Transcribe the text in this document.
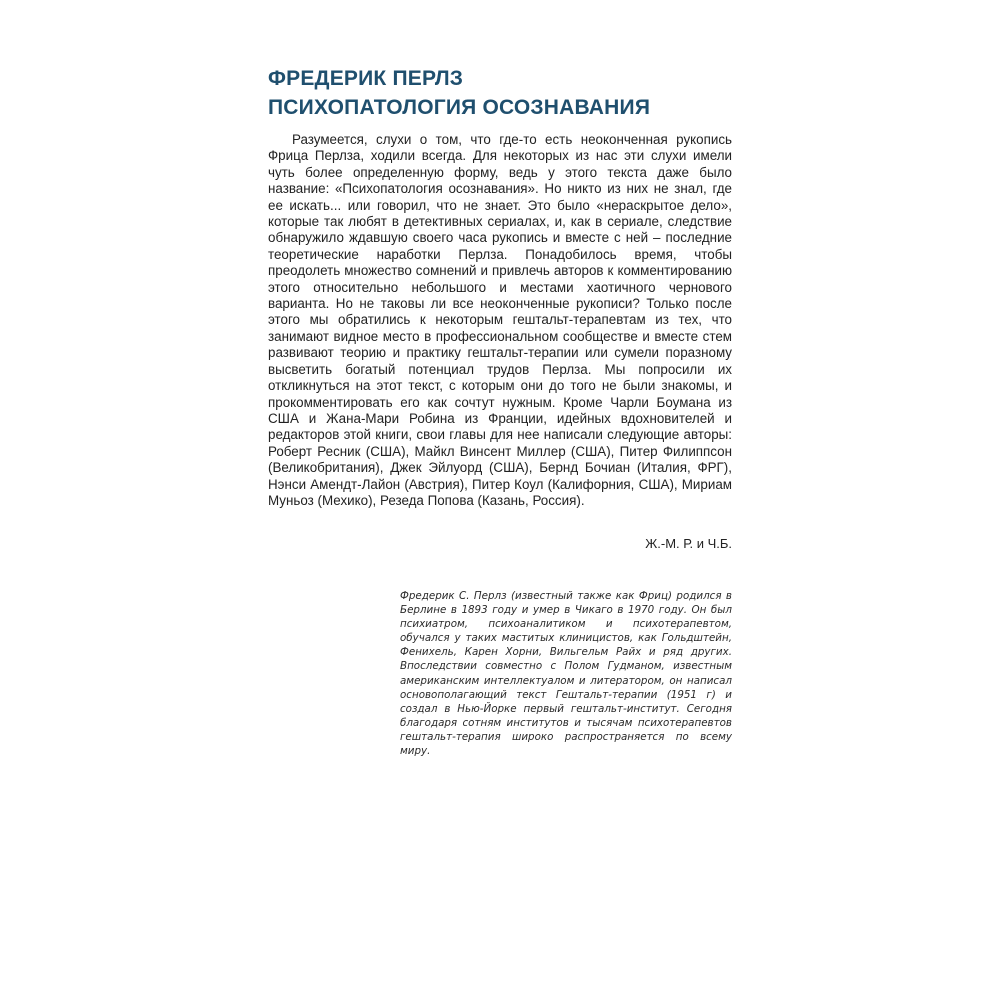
ФРЕДЕРИК ПЕРЛЗ
ПСИХОПАТОЛОГИЯ ОСОЗНАВАНИЯ

Разумеется, слухи о том, что где-то есть неоконченная рукопись Фрица Перлза, ходили всегда. Для некоторых из нас эти слухи имели чуть более определенную форму, ведь у этого текста даже было название: «Психопатология осознавания». Но никто из них не знал, где ее искать... или говорил, что не знает. Это было «нераскрытое дело», которые так любят в детективных сериалах, и, как в сериале, следствие обнаружило ждавшую своего часа рукопись и вместе с ней – последние теоретические наработки Перлза. Понадобилось время, чтобы преодолеть множество сомнений и привлечь авторов к комментированию этого относительно небольшого и местами хаотичного чернового варианта. Но не таковы ли все неоконченные рукописи? Только после этого мы обратились к некоторым гештальт-терапевтам из тех, что занимают видное место в профессиональном сообществе и вместе стем развивают теорию и практику гештальт-терапии или сумели поразному высветить богатый потенциал трудов Перлза. Мы попросили их откликнуться на этот текст, с которым они до того не были знакомы, и прокомментировать его как сочтут нужным. Кроме Чарли Боумана из США и Жана-Мари Робина из Франции, идейных вдохновителей и редакторов этой книги, свои главы для нее написали следующие авторы: Роберт Ресник (США), Майкл Винсент Миллер (США), Питер Филиппсон (Великобритания), Джек Эйлуорд (США), Бернд Бочиан (Италия, ФРГ), Нэнси Амендт-Лайон (Австрия), Питер Коул (Калифорния, США), Мириам Муньоз (Мехико), Резеда Попова (Казань, Россия).

Ж.-М. Р. и Ч.Б.

Фредерик С. Перлз (известный также как Фриц) родился в Берлине в 1893 году и умер в Чикаго в 1970 году. Он был психиатром, психоаналитиком и психотерапевтом, обучался у таких маститых клиницистов, как Гольдштейн, Фенихель, Карен Хорни, Вильгельм Райх и ряд других. Впоследствии совместно с Полом Гудманом, известным американским интеллектуалом и литератором, он написал основополагающий текст Гештальт-терапии (1951 г) и создал в Нью-Йорке первый гештальт-институт. Сегодня благодаря сотням институтов и тысячам психотерапевтов гештальт-терапия широко распространяется по всему миру.
